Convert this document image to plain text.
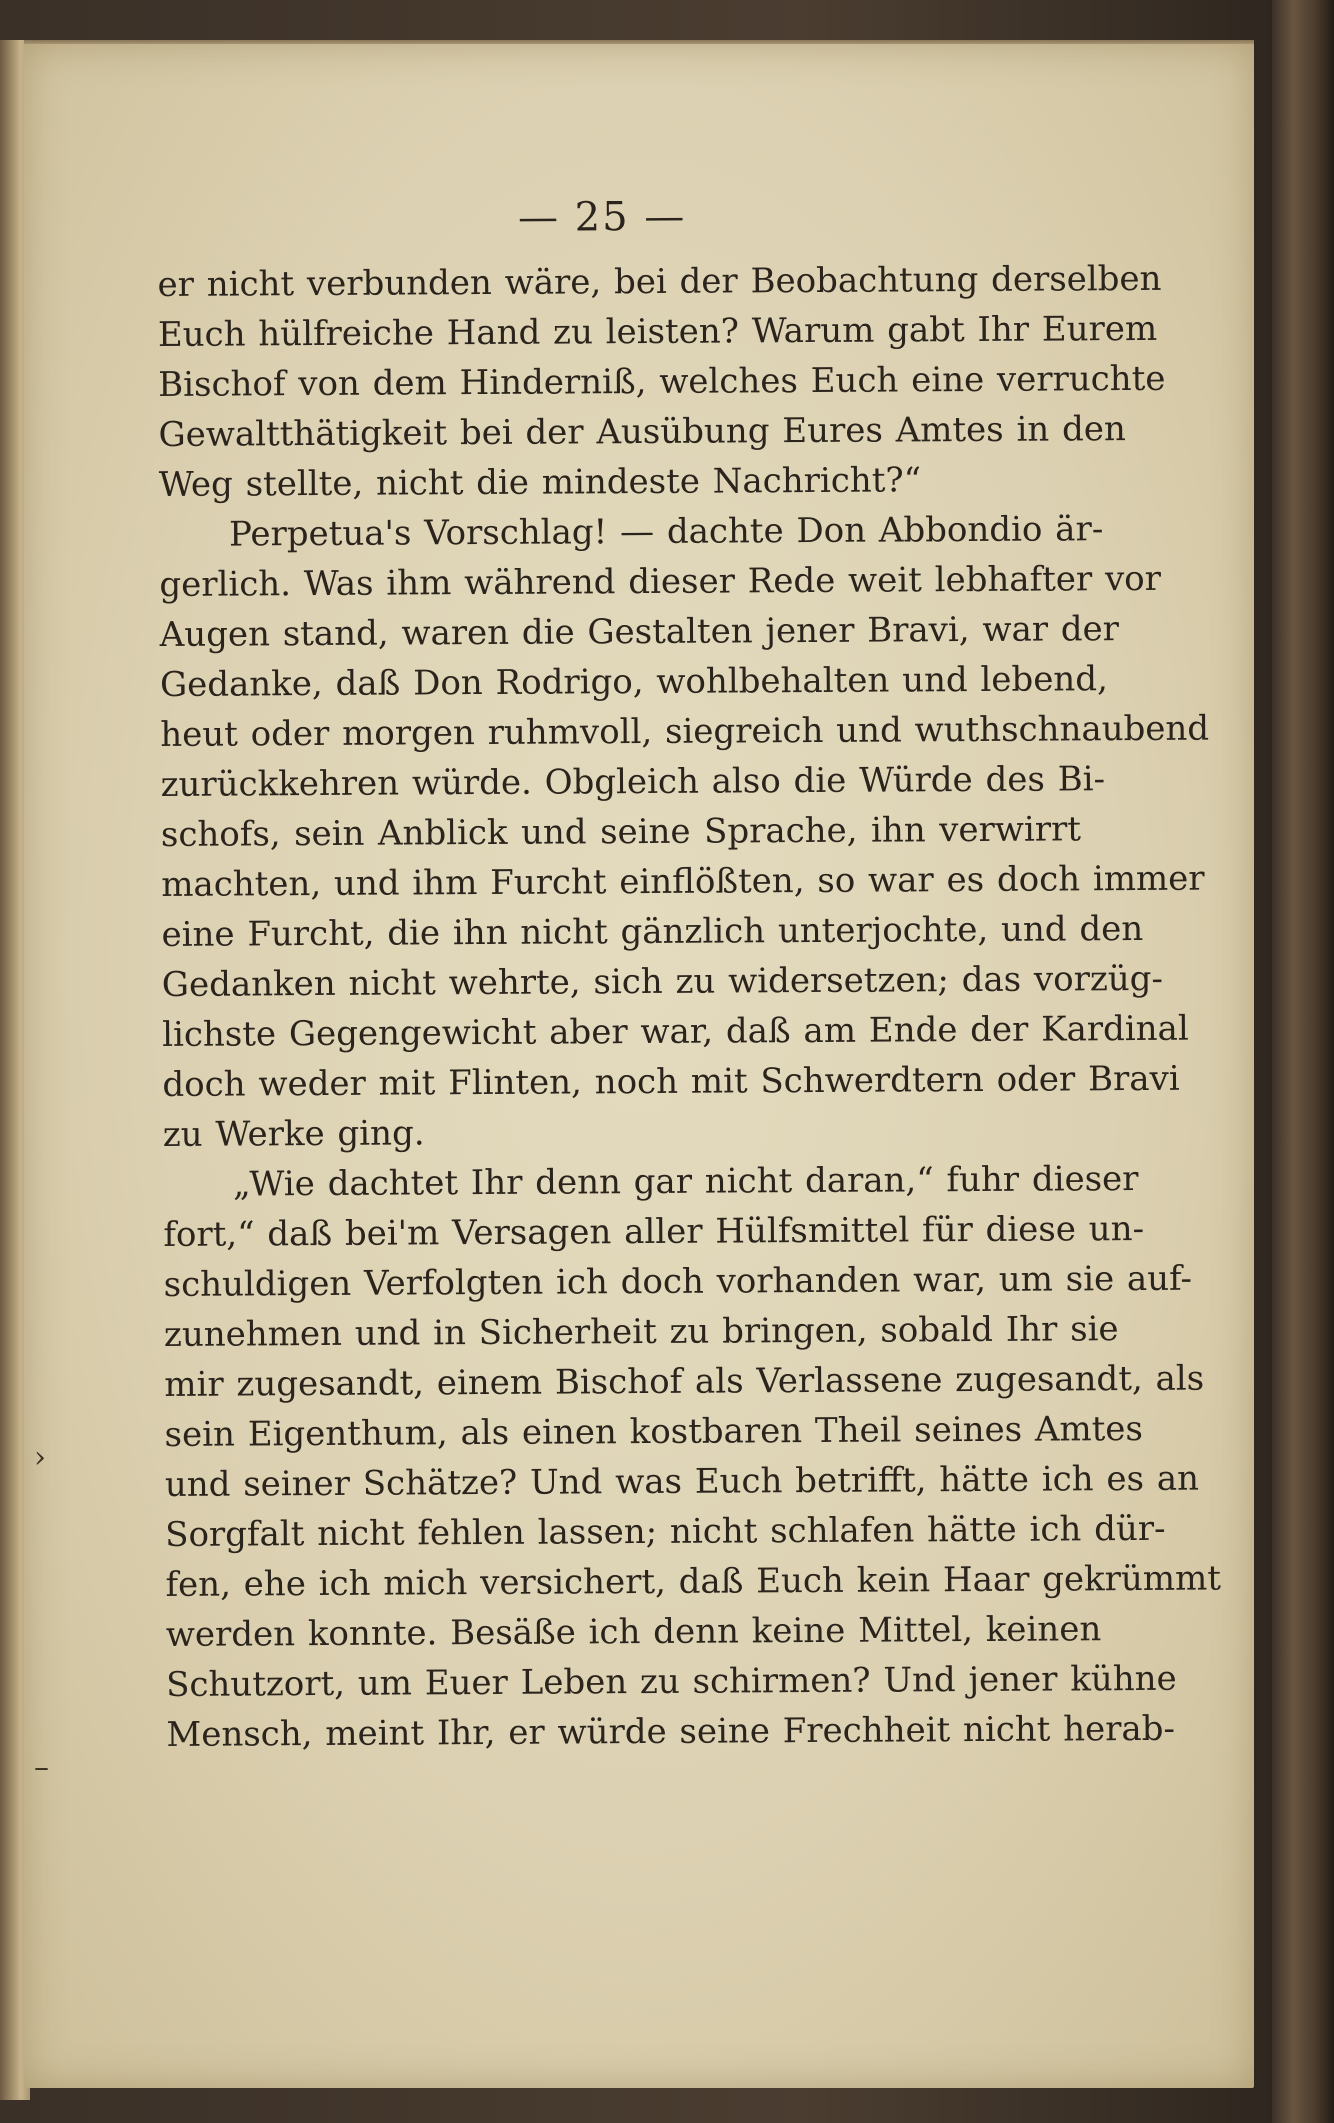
— 25 —
er nicht verbunden wäre, bei der Beobachtung derselben
Euch hülfreiche Hand zu leisten? Warum gabt Ihr Eurem
Bischof von dem Hinderniß, welches Euch eine verruchte
Gewaltthätigkeit bei der Ausübung Eures Amtes in den
Weg stellte, nicht die mindeste Nachricht?“
Perpetua's Vorschlag! — dachte Don Abbondio är-
gerlich. Was ihm während dieser Rede weit lebhafter vor
Augen stand, waren die Gestalten jener Bravi, war der
Gedanke, daß Don Rodrigo, wohlbehalten und lebend,
heut oder morgen ruhmvoll, siegreich und wuthschnaubend
zurückkehren würde. Obgleich also die Würde des Bi-
schofs, sein Anblick und seine Sprache, ihn verwirrt
machten, und ihm Furcht einflößten, so war es doch immer
eine Furcht, die ihn nicht gänzlich unterjochte, und den
Gedanken nicht wehrte, sich zu widersetzen; das vorzüg-
lichste Gegengewicht aber war, daß am Ende der Kardinal
doch weder mit Flinten, noch mit Schwerdtern oder Bravi
zu Werke ging.
„Wie dachtet Ihr denn gar nicht daran,“ fuhr dieser
fort,“ daß bei'm Versagen aller Hülfsmittel für diese un-
schuldigen Verfolgten ich doch vorhanden war, um sie auf-
zunehmen und in Sicherheit zu bringen, sobald Ihr sie
mir zugesandt, einem Bischof als Verlassene zugesandt, als
sein Eigenthum, als einen kostbaren Theil seines Amtes
und seiner Schätze? Und was Euch betrifft, hätte ich es an
Sorgfalt nicht fehlen lassen; nicht schlafen hätte ich dür-
fen, ehe ich mich versichert, daß Euch kein Haar gekrümmt
werden konnte. Besäße ich denn keine Mittel, keinen
Schutzort, um Euer Leben zu schirmen? Und jener kühne
Mensch, meint Ihr, er würde seine Frechheit nicht herab-
›
–
